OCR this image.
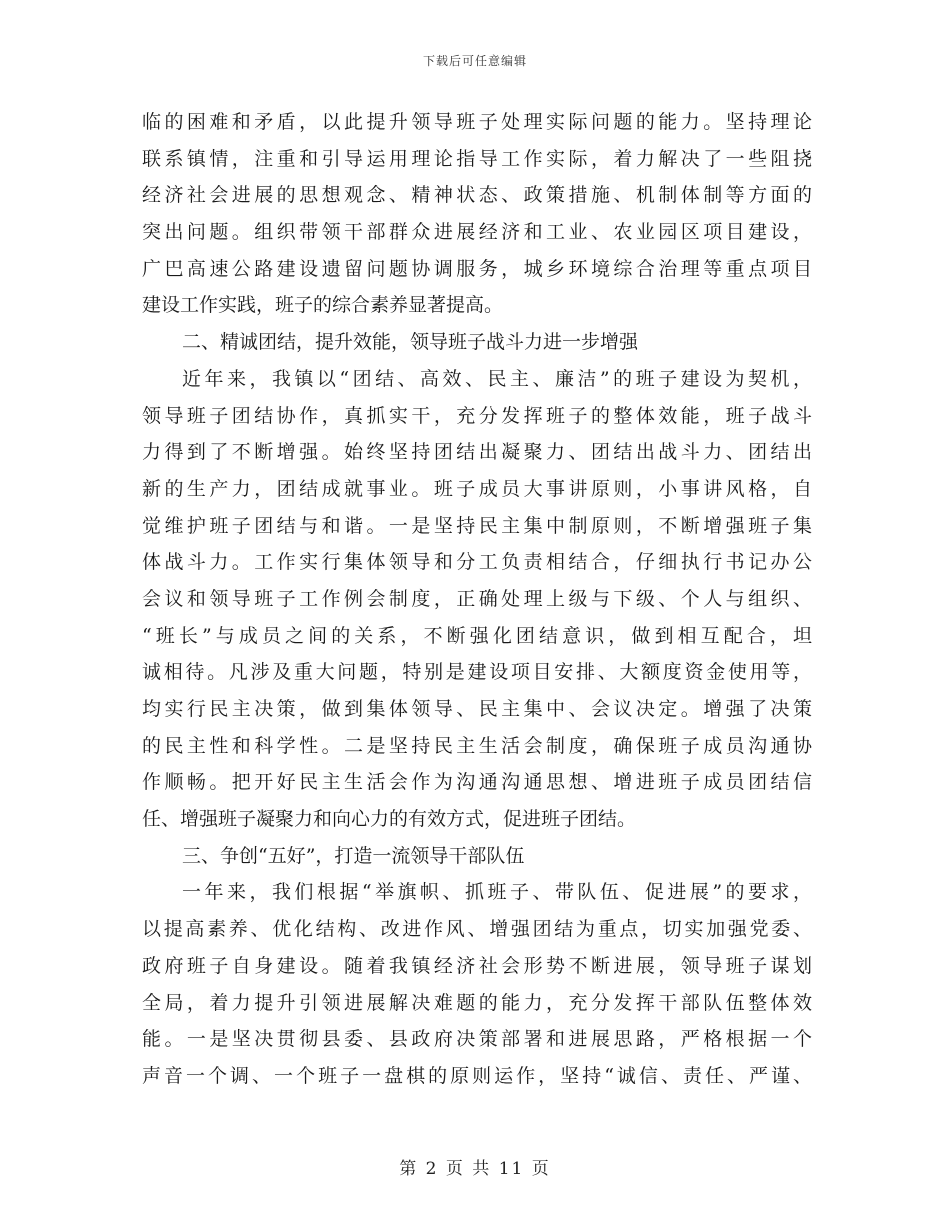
下载后可任意编辑
临的困难和矛盾，以此提升领导班子处理实际问题的能力。坚持理论
联系镇情，注重和引导运用理论指导工作实际，着力解决了一些阻挠
经济社会进展的思想观念、精神状态、政策措施、机制体制等方面的
突出问题。组织带领干部群众进展经济和工业、农业园区项目建设，
广巴高速公路建设遗留问题协调服务，城乡环境综合治理等重点项目
建设工作实践，班子的综合素养显著提高。
二、精诚团结，提升效能，领导班子战斗力进一步增强
近年来，我镇以“团结、高效、民主、廉洁”的班子建设为契机，
领导班子团结协作，真抓实干，充分发挥班子的整体效能，班子战斗
力得到了不断增强。始终坚持团结出凝聚力、团结出战斗力、团结出
新的生产力，团结成就事业。班子成员大事讲原则，小事讲风格，自
觉维护班子团结与和谐。一是坚持民主集中制原则，不断增强班子集
体战斗力。工作实行集体领导和分工负责相结合，仔细执行书记办公
会议和领导班子工作例会制度，正确处理上级与下级、个人与组织、
“班长”与成员之间的关系，不断强化团结意识，做到相互配合，坦
诚相待。凡涉及重大问题，特别是建设项目安排、大额度资金使用等，
均实行民主决策，做到集体领导、民主集中、会议决定。增强了决策
的民主性和科学性。二是坚持民主生活会制度，确保班子成员沟通协
作顺畅。把开好民主生活会作为沟通沟通思想、增进班子成员团结信
任、增强班子凝聚力和向心力的有效方式，促进班子团结。
三、争创“五好”，打造一流领导干部队伍
一年来，我们根据“举旗帜、抓班子、带队伍、促进展”的要求，
以提高素养、优化结构、改进作风、增强团结为重点，切实加强党委、
政府班子自身建设。随着我镇经济社会形势不断进展，领导班子谋划
全局，着力提升引领进展解决难题的能力，充分发挥干部队伍整体效
能。一是坚决贯彻县委、县政府决策部署和进展思路，严格根据一个
声音一个调、一个班子一盘棋的原则运作，坚持“诚信、责任、严谨、
第 2 页 共 11 页
